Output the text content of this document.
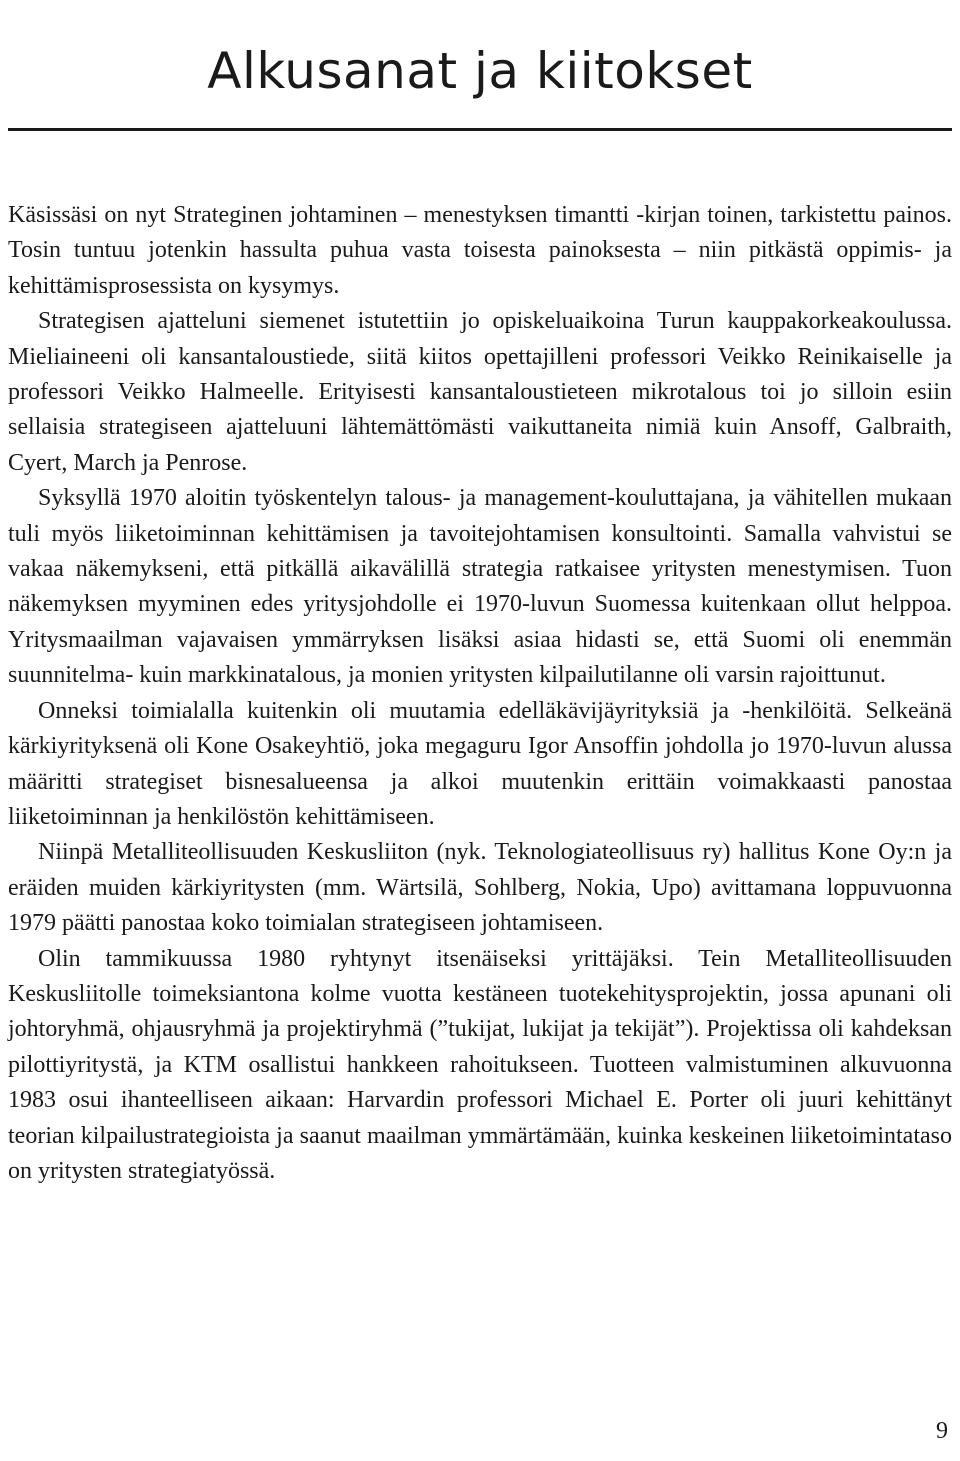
Alkusanat ja kiitokset

Käsissäsi on nyt Strateginen johtaminen – menestyksen timantti -kirjan toinen, tarkistettu painos. Tosin tuntuu jotenkin hassulta puhua vasta toisesta painoksesta – niin pitkästä oppimis- ja kehittämisprosessista on kysymys.

Strategisen ajatteluni siemenet istutettiin jo opiskeluaikoina Turun kauppakorkeakoulussa. Mieliaineeni oli kansantaloustiede, siitä kiitos opettajilleni professori Veikko Reinikaiselle ja professori Veikko Halmeelle. Erityisesti kansantaloustieteen mikrotalous toi jo silloin esiin sellaisia strategiseen ajatteluuni lähtemättömästi vaikuttaneita nimiä kuin Ansoff, Galbraith, Cyert, March ja Penrose.

Syksyllä 1970 aloitin työskentelyn talous- ja management-kouluttajana, ja vähitellen mukaan tuli myös liiketoiminnan kehittämisen ja tavoitejohtamisen konsultointi. Samalla vahvistui se vakaa näkemykseni, että pitkällä aikavälillä strategia ratkaisee yritysten menestymisen. Tuon näkemyksen myyminen edes yritysjohdolle ei 1970-luvun Suomessa kuitenkaan ollut helppoa. Yritysmaailman vajavaisen ymmärryksen lisäksi asiaa hidasti se, että Suomi oli enemmän suunnitelma- kuin markkinatalous, ja monien yritysten kilpailutilanne oli varsin rajoittunut.

Onneksi toimialalla kuitenkin oli muutamia edelläkävijäyrityksiä ja -henkilöitä. Selkeänä kärkiyrityksenä oli Kone Osakeyhtiö, joka megaguru Igor Ansoffin johdolla jo 1970-luvun alussa määritti strategiset bisnesalueensa ja alkoi muutenkin erittäin voimakkaasti panostaa liiketoiminnan ja henkilöstön kehittämiseen.

Niinpä Metalliteollisuuden Keskusliiton (nyk. Teknologiateollisuus ry) hallitus Kone Oy:n ja eräiden muiden kärkiyritysten (mm. Wärtsilä, Sohlberg, Nokia, Upo) avittamana loppuvuonna 1979 päätti panostaa koko toimialan strategiseen johtamiseen.

Olin tammikuussa 1980 ryhtynyt itsenäiseksi yrittäjäksi. Tein Metalliteollisuuden Keskusliitolle toimeksiantona kolme vuotta kestäneen tuotekehitysprojektin, jossa apunani oli johtoryhmä, ohjausryhmä ja projektiryhmä (”tukijat, lukijat ja tekijät”). Projektissa oli kahdeksan pilottiyritystä, ja KTM osallistui hankkeen rahoitukseen. Tuotteen valmistuminen alkuvuonna 1983 osui ihanteelliseen aikaan: Harvardin professori Michael E. Porter oli juuri kehittänyt teorian kilpailustrategioista ja saanut maailman ymmärtämään, kuinka keskeinen liiketoimintataso on yritysten strategiatyössä.

9
